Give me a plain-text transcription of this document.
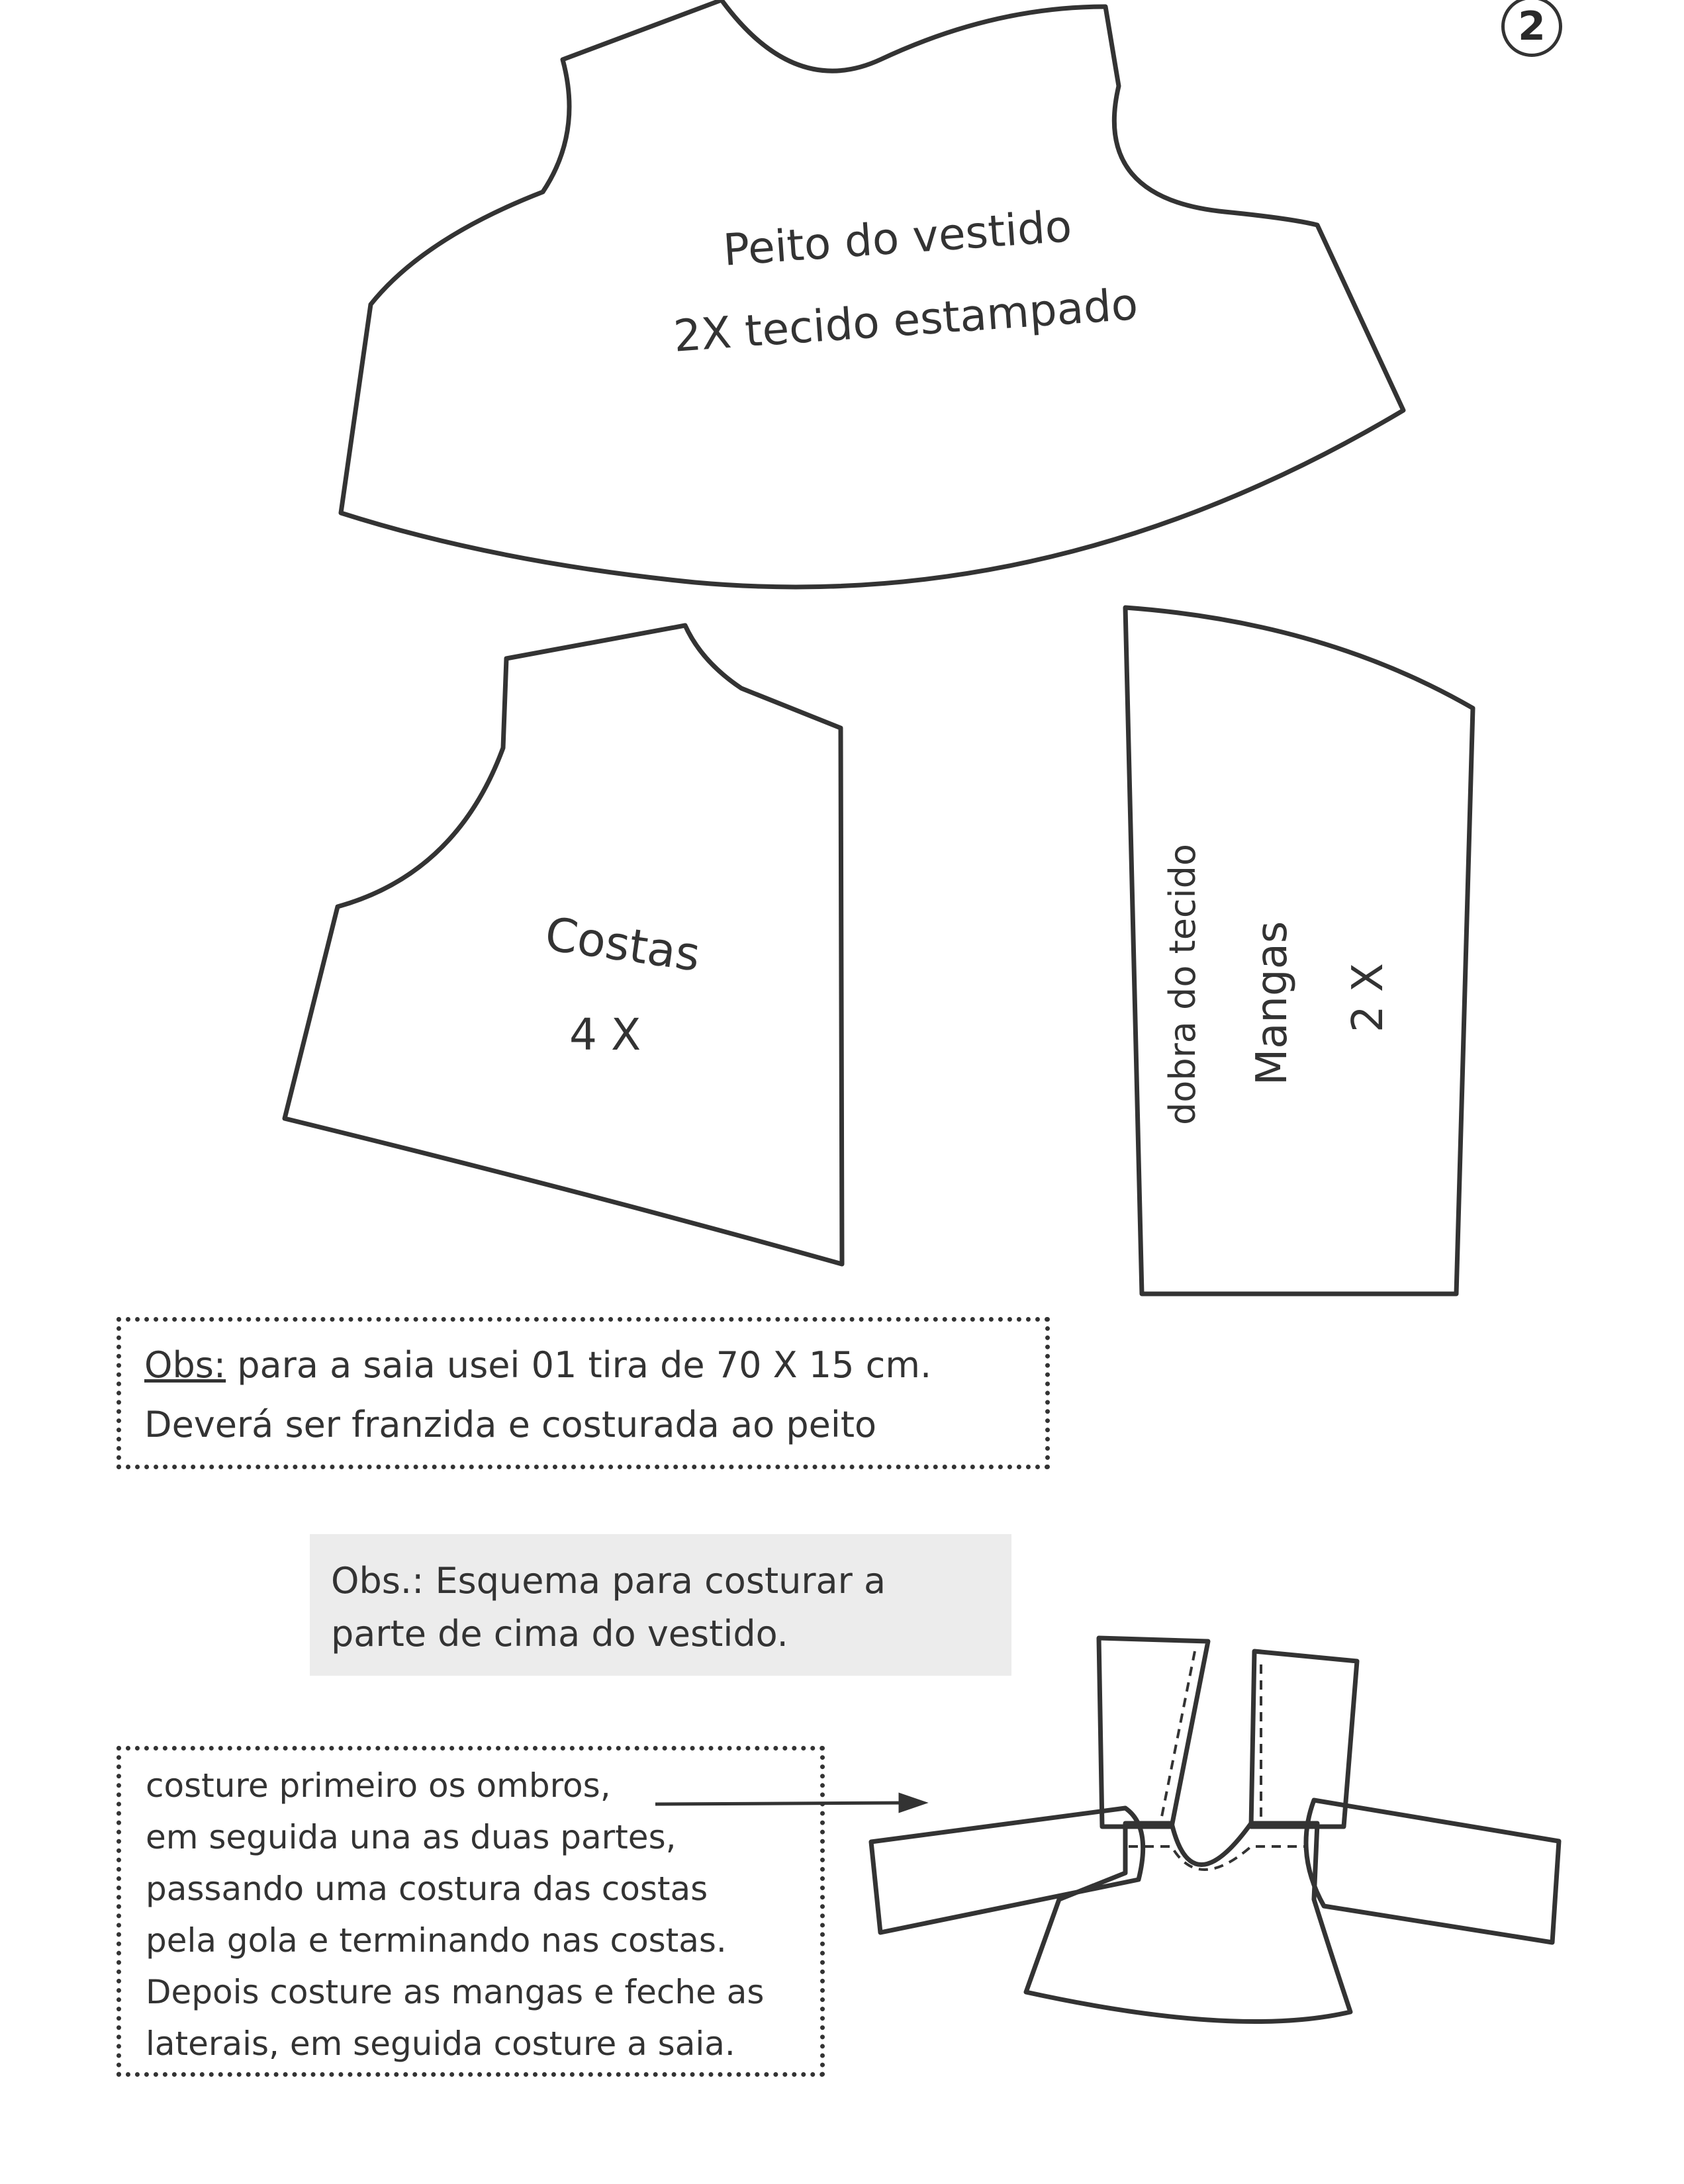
2
Peito do vestido
2X tecido estampado
Costas
4 X	dobra do tecido Mangas 2 X
Obs: para a saia usei 01 tira de 70 X 15 cm.
Deverá ser franzida e costurada ao peito
Obs.: Esquema para costurar a
parte de cima do vestido.
costure primeiro os ombros,
em seguida una as duas partes,
passando uma costura das costas
pela gola e terminando nas costas.
Depois costure as mangas e feche as
laterais, em seguida costure a saia.
